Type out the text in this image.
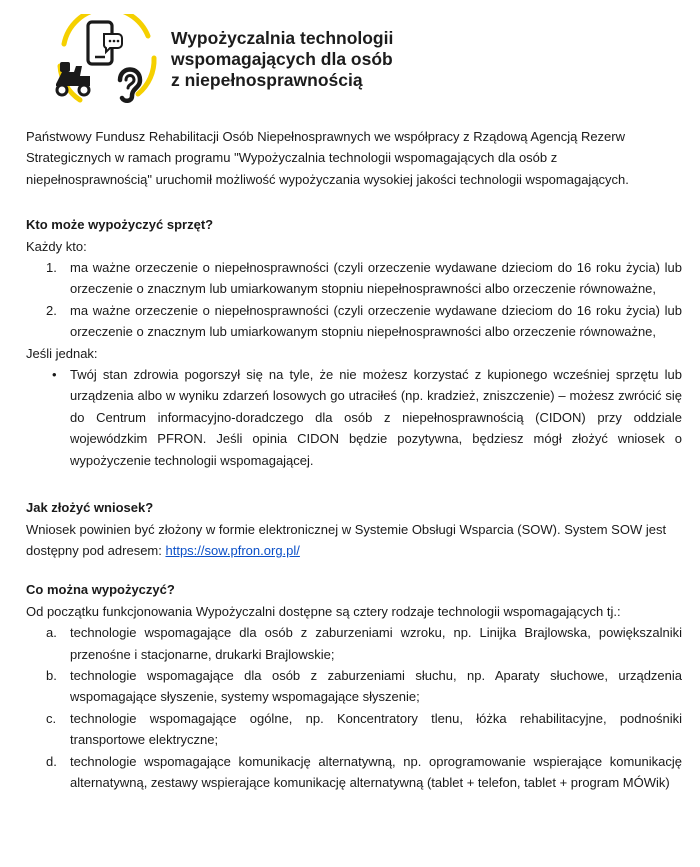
Wypożyczalnia technologii
wspomagających dla osób
z niepełnosprawnością

Państwowy Fundusz Rehabilitacji Osób Niepełnosprawnych we współpracy z Rządową Agencją Rezerw Strategicznych w ramach programu "Wypożyczalnia technologii wspomagających dla osób z niepełnosprawnością" uruchomił możliwość wypożyczania wysokiej jakości technologii wspomagających.

Kto może wypożyczyć sprzęt?

Każdy kto:

1. ma ważne orzeczenie o niepełnosprawności (czyli orzeczenie wydawane dzieciom do 16 roku życia) lub orzeczenie o znacznym lub umiarkowanym stopniu niepełnosprawności albo orzeczenie równoważne,
2. ma ważne orzeczenie o niepełnosprawności (czyli orzeczenie wydawane dzieciom do 16 roku życia) lub orzeczenie o znacznym lub umiarkowanym stopniu niepełnosprawności albo orzeczenie równoważne,

Jeśli jednak:

• Twój stan zdrowia pogorszył się na tyle, że nie możesz korzystać z kupionego wcześniej sprzętu lub urządzenia albo w wyniku zdarzeń losowych go utraciłeś (np. kradzież, zniszczenie) – możesz zwrócić się do Centrum informacyjno-doradczego dla osób z niepełnosprawnością (CIDON) przy oddziale wojewódzkim PFRON. Jeśli opinia CIDON będzie pozytywna, będziesz mógł złożyć wniosek o wypożyczenie technologii wspomagającej.

Jak złożyć wniosek?

Wniosek powinien być złożony w formie elektronicznej w Systemie Obsługi Wsparcia (SOW). System SOW jest dostępny pod adresem: https://sow.pfron.org.pl/

Co można wypożyczyć?

Od początku funkcjonowania Wypożyczalni dostępne są cztery rodzaje technologii wspomagających tj.:

a. technologie wspomagające dla osób z zaburzeniami wzroku, np. Linijka Brajlowska, powiększalniki przenośne i stacjonarne, drukarki Brajlowskie;
b. technologie wspomagające dla osób z zaburzeniami słuchu, np. Aparaty słuchowe, urządzenia wspomagające słyszenie, systemy wspomagające słyszenie;
c. technologie wspomagające ogólne, np. Koncentratory tlenu, łóżka rehabilitacyjne, podnośniki transportowe elektryczne;
d. technologie wspomagające komunikację alternatywną, np. oprogramowanie wspierające komunikację alternatywną, zestawy wspierające komunikację alternatywną (tablet + telefon, tablet + program MÓWik)
